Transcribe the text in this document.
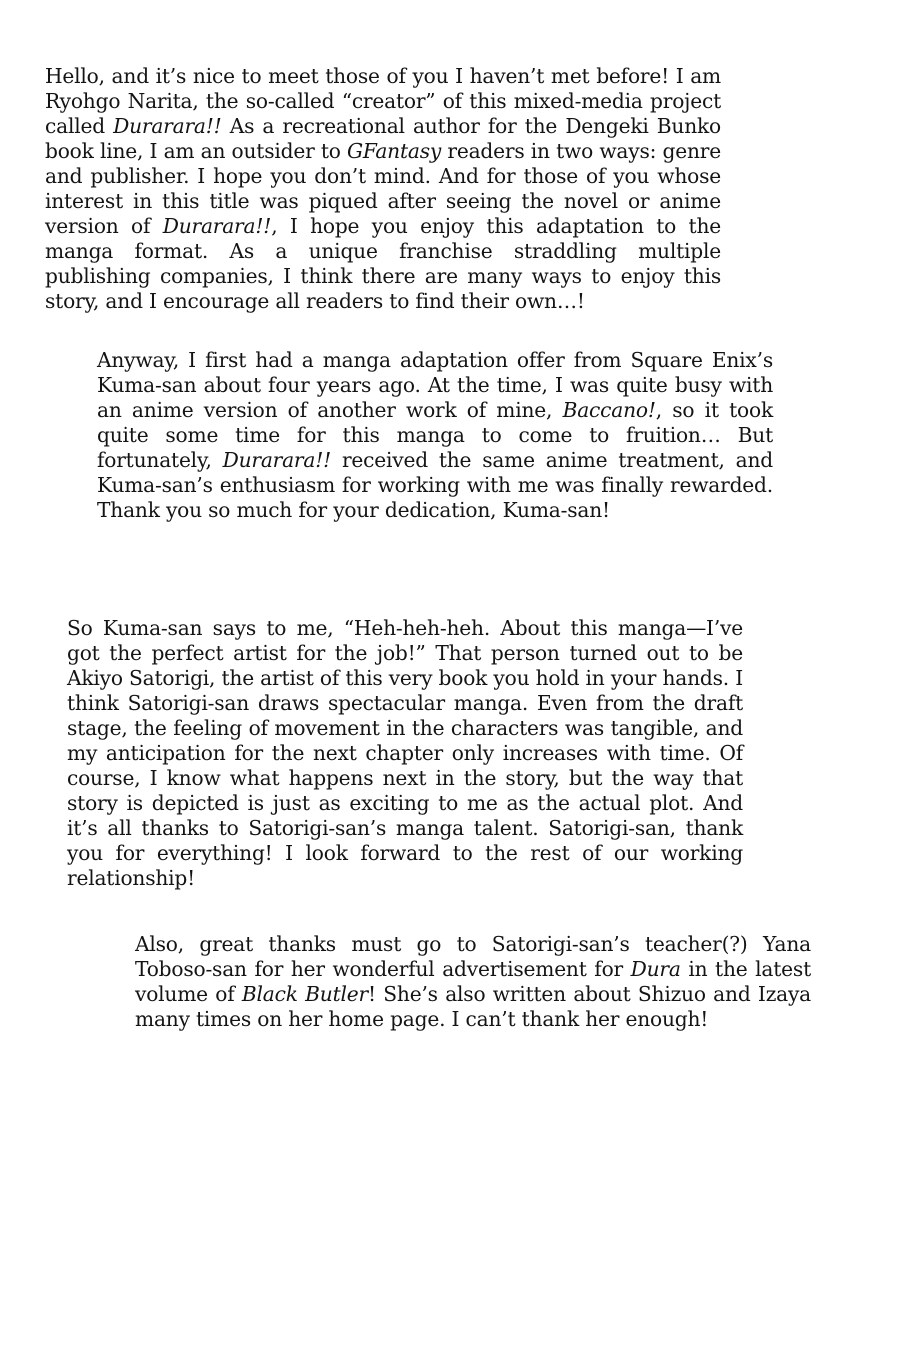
Hello, and it’s nice to meet those of you I haven’t met before! I am Ryohgo Narita, the so-called “creator” of this mixed-media project called Durarara!! As a recreational author for the Dengeki Bunko book line, I am an outsider to GFantasy readers in two ways: genre and publisher. I hope you don’t mind. And for those of you whose interest in this title was piqued after seeing the novel or anime version of Durarara!!, I hope you enjoy this adaptation to the manga format. As a unique franchise straddling multiple publishing companies, I think there are many ways to enjoy this story, and I encourage all readers to find their own…!

Anyway, I first had a manga adaptation offer from Square Enix’s Kuma-san about four years ago. At the time, I was quite busy with an anime version of another work of mine, Baccano!, so it took quite some time for this manga to come to fruition… But fortunately, Durarara!! received the same anime treatment, and Kuma-san’s enthusiasm for working with me was finally rewarded. Thank you so much for your dedication, Kuma-san!

So Kuma-san says to me, “Heh-heh-heh. About this manga—I’ve got the perfect artist for the job!” That person turned out to be Akiyo Satorigi, the artist of this very book you hold in your hands. I think Satorigi-san draws spectacular manga. Even from the draft stage, the feeling of movement in the characters was tangible, and my anticipation for the next chapter only increases with time. Of course, I know what happens next in the story, but the way that story is depicted is just as exciting to me as the actual plot. And it’s all thanks to Satorigi-san’s manga talent. Satorigi-san, thank you for everything! I look forward to the rest of our working relationship!

Also, great thanks must go to Satorigi-san’s teacher(?) Yana Toboso-san for her wonderful advertisement for Dura in the latest volume of Black Butler! She’s also written about Shizuo and Izaya many times on her home page. I can’t thank her enough!
